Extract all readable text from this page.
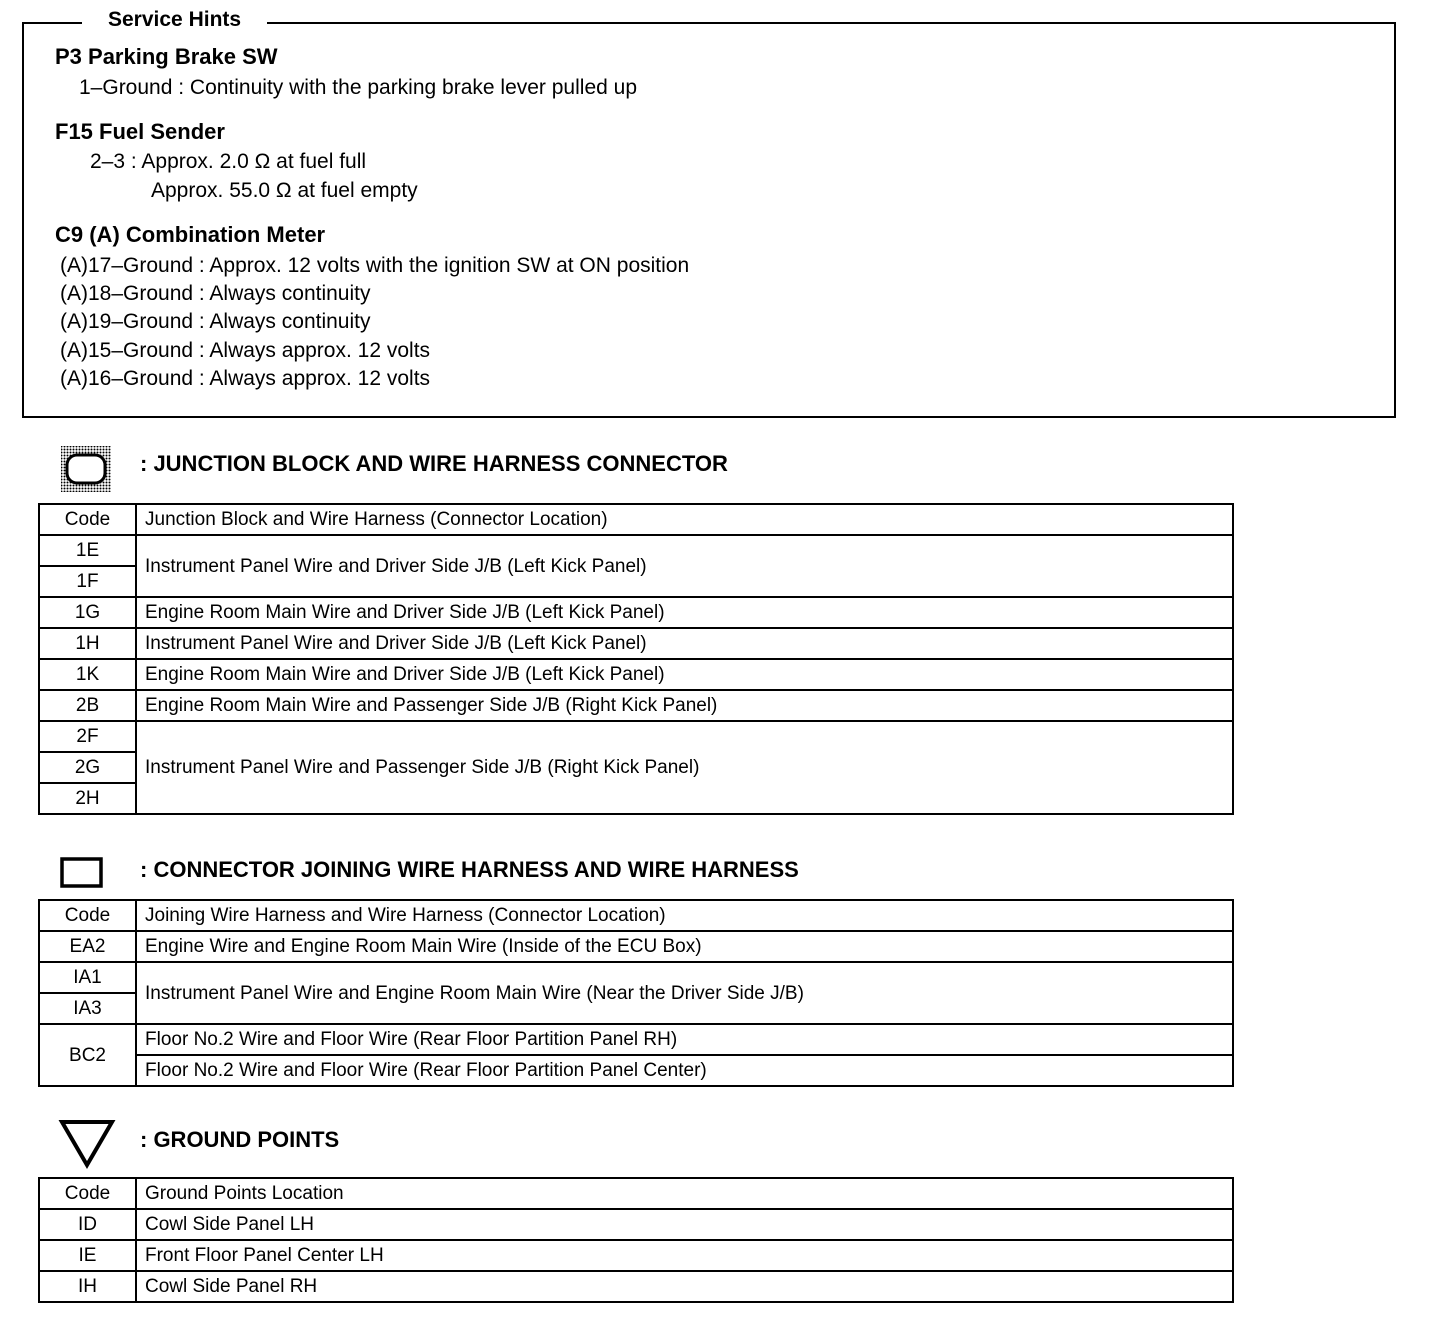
Service Hints
P3 Parking Brake SW
1–Ground : Continuity with the parking brake lever pulled up
F15 Fuel Sender
2–3 : Approx. 2.0 Ω at fuel full
Approx. 55.0 Ω at fuel empty
C9 (A) Combination Meter
(A)17–Ground : Approx. 12 volts with the ignition SW at ON position
(A)18–Ground : Always continuity
(A)19–Ground : Always continuity
(A)15–Ground : Always approx. 12 volts
(A)16–Ground : Always approx. 12 volts
: JUNCTION BLOCK AND WIRE HARNESS CONNECTOR
Code	Junction Block and Wire Harness (Connector Location)
1E	Instrument Panel Wire and Driver Side J/B (Left Kick Panel)
1F	
1G	Engine Room Main Wire and Driver Side J/B (Left Kick Panel)
1H	Instrument Panel Wire and Driver Side J/B (Left Kick Panel)
1K	Engine Room Main Wire and Driver Side J/B (Left Kick Panel)
2B	Engine Room Main Wire and Passenger Side J/B (Right Kick Panel)
2F	Instrument Panel Wire and Passenger Side J/B (Right Kick Panel)
2G	
2H	
: CONNECTOR JOINING WIRE HARNESS AND WIRE HARNESS
Code	Joining Wire Harness and Wire Harness (Connector Location)
EA2	Engine Wire and Engine Room Main Wire (Inside of the ECU Box)
IA1	Instrument Panel Wire and Engine Room Main Wire (Near the Driver Side J/B)
IA3	
BC2	Floor No.2 Wire and Floor Wire (Rear Floor Partition Panel RH)
	Floor No.2 Wire and Floor Wire (Rear Floor Partition Panel Center)
: GROUND POINTS
Code	Ground Points Location
ID	Cowl Side Panel LH
IE	Front Floor Panel Center LH
IH	Cowl Side Panel RH
